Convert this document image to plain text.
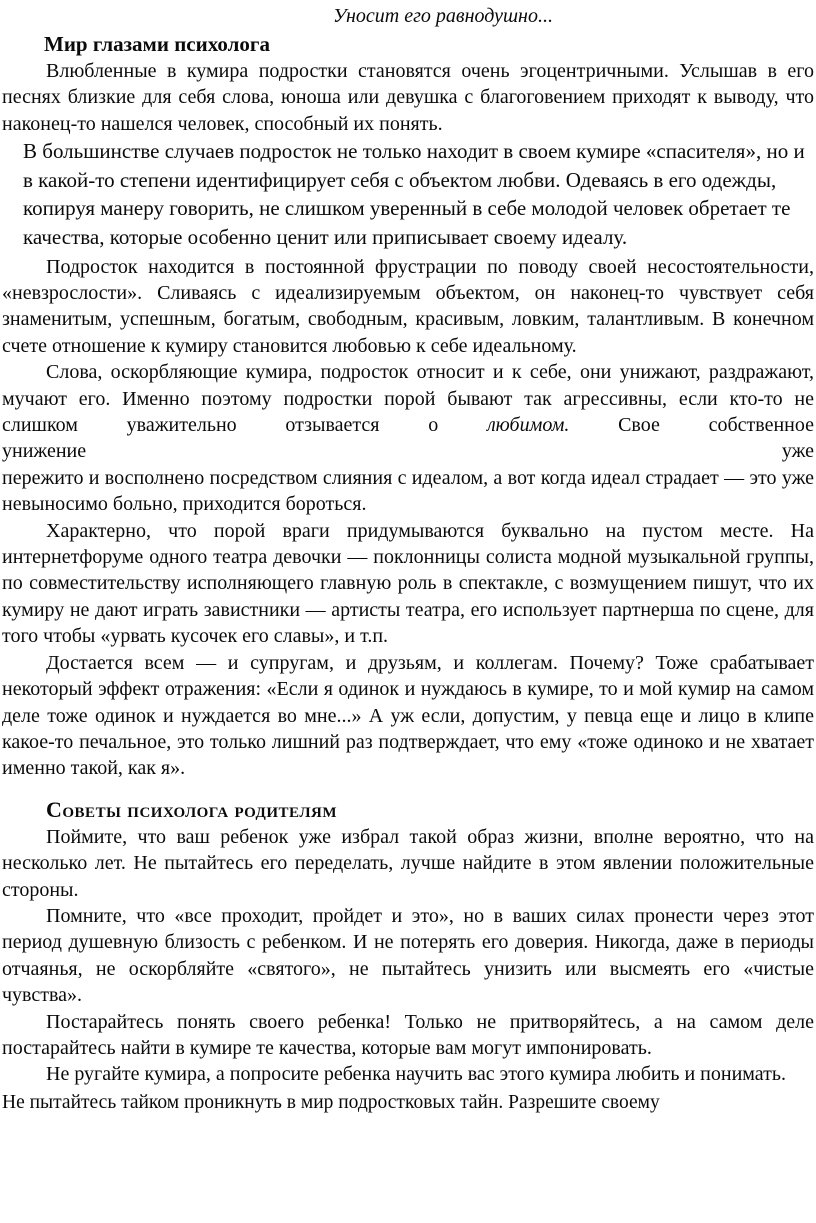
Уносит его равнодушно...

Мир глазами психолога

Влюбленные в кумира подростки становятся очень эгоцентричными. Услышав в его песнях близкие для себя слова, юноша или девушка с благоговением приходят к выводу, что наконец-то нашелся человек, способный их понять.

В большинстве случаев подросток не только находит в своем кумире «спасителя», но и в какой-то степени идентифицирует себя с объектом любви. Одеваясь в его одежды, копируя манеру говорить, не слишком уверенный в себе молодой человек обретает те качества, которые особенно ценит или приписывает своему идеалу.

Подросток находится в постоянной фрустрации по поводу своей несостоятельности, «невзрослости». Сливаясь с идеализируемым объектом, он наконец-то чувствует себя знаменитым, успешным, богатым, свободным, красивым, ловким, талантливым. В конечном счете отношение к кумиру становится любовью к себе идеальному.

Слова, оскорбляющие кумира, подросток относит и к себе, они унижают, раздражают, мучают его. Именно поэтому подростки порой бывают так агрессивны, если кто-то не слишком уважительно отзывается о любимом. Свое собственное

унижение	уже

пережито и восполнено посредством слияния с идеалом, а вот когда идеал страдает — это уже невыносимо больно, приходится бороться.

Характерно, что порой враги придумываются буквально на пустом месте. На интернетфоруме одного театра девочки — поклонницы солиста модной музыкальной группы, по совместительству исполняющего главную роль в спектакле, с возмущением пишут, что их кумиру не дают играть завистники — артисты театра, его использует партнерша по сцене, для того чтобы «урвать кусочек его славы», и т.п.

Достается всем — и супругам, и друзьям, и коллегам. Почему? Тоже срабатывает некоторый эффект отражения: «Если я одинок и нуждаюсь в кумире, то и мой кумир на самом деле тоже одинок и нуждается во мне...» А уж если, допустим, у певца еще и лицо в клипе какое-то печальное, это только лишний раз подтверждает, что ему «тоже одиноко и не хватает именно такой, как я».

Советы психолога родителям

Поймите, что ваш ребенок уже избрал такой образ жизни, вполне вероятно, что на несколько лет. Не пытайтесь его переделать, лучше найдите в этом явлении положительные стороны.

Помните, что «все проходит, пройдет и это», но в ваших силах пронести через этот период душевную близость с ребенком. И не потерять его доверия. Никогда, даже в периоды отчаянья, не оскорбляйте «святого», не пытайтесь унизить или высмеять его «чистые чувства».

Постарайтесь понять своего ребенка! Только не притворяйтесь, а на самом деле постарайтесь найти в кумире те качества, которые вам могут импонировать.

Не ругайте кумира, а попросите ребенка научить вас этого кумира любить и понимать.

Не пытайтесь тайком проникнуть в мир подростковых тайн. Разрешите своему
